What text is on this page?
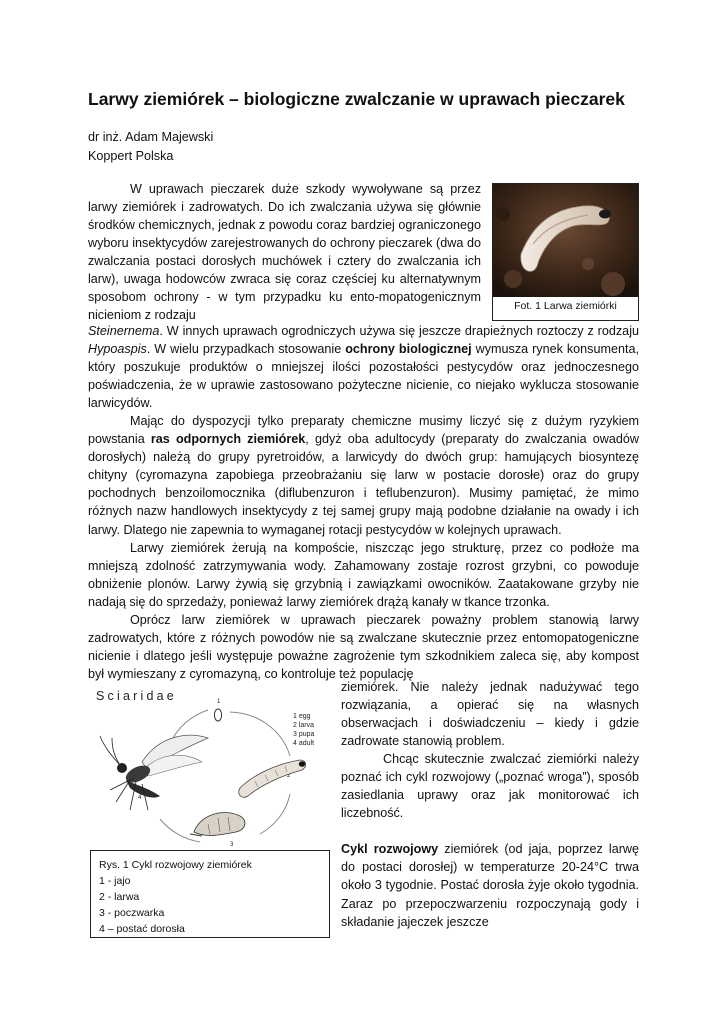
Larwy ziemiórek – biologiczne zwalczanie w uprawach pieczarek
dr inż. Adam Majewski
Koppert Polska

W uprawach pieczarek duże szkody wywoływane są przez larwy ziemiórek i zadrowatych. Do ich zwalczania używa się głównie środków chemicznych, jednak z powodu coraz bardziej ograniczonego wyboru insektycydów zarejestrowanych do ochrony pieczarek (dwa do zwalczania postaci dorosłych muchówek i cztery do zwalczania ich larw), uwaga hodowców zwraca się coraz częściej ku alternatywnym sposobom ochrony - w tym przypadku ku ento-mopatogenicznym nicieniom z rodzaju

Fot. 1 Larwa ziemiórki

Steinernema. W innych uprawach ogrodniczych używa się jeszcze drapieżnych roztoczy z rodzaju Hypoaspis. W wielu przypadkach stosowanie ochrony biologicznej wymusza rynek konsumenta, który poszukuje produktów o mniejszej ilości pozostałości pestycydów oraz jednoczesnego poświadczenia, że w uprawie zastosowano pożyteczne nicienie, co niejako wyklucza stosowanie larwicydów.

Mając do dyspozycji tylko preparaty chemiczne musimy liczyć się z dużym ryzykiem powstania ras odpornych ziemiórek, gdyż oba adultocydy (preparaty do zwalczania owadów dorosłych) należą do grupy pyretroidów, a larwicydy do dwóch grup: hamujących biosyntezę chityny (cyromazyna zapobiega przeobrażaniu się larw w postacie dorosłe) oraz do grupy pochodnych benzoilomocznika (diflubenzuron i teflubenzuron). Musimy pamiętać, że mimo różnych nazw handlowych insektycydy z tej samej grupy mają podobne działanie na owady i ich larwy. Dlatego nie zapewnia to wymaganej rotacji pestycydów w kolejnych uprawach.

Larwy ziemiórek żerują na kompoście, niszcząc jego strukturę, przez co podłoże ma mniejszą zdolność zatrzymywania wody. Zahamowany zostaje rozrost grzybni, co powoduje obniżenie plonów. Larwy żywią się grzybnią i zawiązkami owocników. Zaatakowane grzyby nie nadają się do sprzedaży, ponieważ larwy ziemiórek drążą kanały w tkance trzonka.

Oprócz larw ziemiórek w uprawach pieczarek poważny problem stanowią larwy zadrowatych, które z różnych powodów nie są zwalczane skutecznie przez entomopatogeniczne nicienie i dlatego jeśli występuje poważne zagrożenie tym szkodnikiem zaleca się, aby kompost był wymieszany z cyromazyną, co kontroluje też populację

Sciaridae	1
2
3
4
1 egg
2 larva
3 pupa
4 adult
Rys. 1 Cykl rozwojowy ziemiórek
1 - jajo
2 - larwa
3 - poczwarka
4 – postać dorosła

ziemiórek. Nie należy jednak nadużywać tego rozwiązania, a opierać się na własnych obserwacjach i doświadczeniu – kiedy i gdzie zadrowate stanowią problem.

Chcąc skutecznie zwalczać ziemiórki należy poznać ich cykl rozwojowy („poznać wroga”), sposób zasiedlania uprawy oraz jak monitorować ich liczebność.

Cykl rozwojowy ziemiórek (od jaja, poprzez larwę do postaci dorosłej) w temperaturze 20-24°C trwa około 3 tygodnie. Postać dorosła żyje około tygodnia. Zaraz po przepoczwarzeniu rozpoczynają gody i składanie jajeczek jeszcze
